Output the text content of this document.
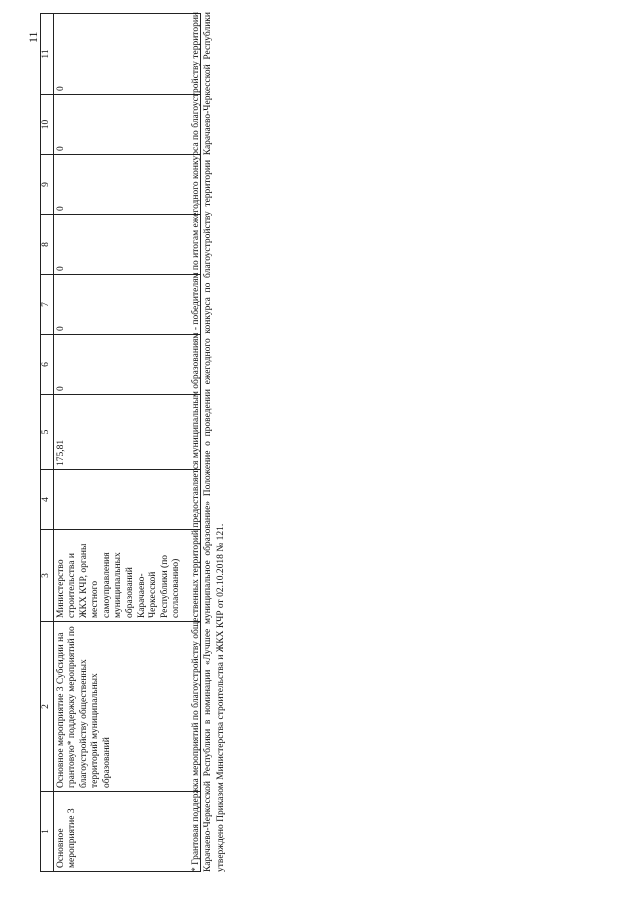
11
1	2	3	4	5	6	7	8	9	10	11
Основное мероприятие 3	Основное мероприятие 3 Субсидии на грантовую* поддержку мероприятий по благоустройству общественных территорий муниципальных образований	Министерство строительства и ЖКХ КЧР, органы местного самоуправления муниципальных образований Карачаево-Черкесской Республики (по согласованию)		175,81	0	0	0	0	0	0	* Грантовая поддержка мероприятий по благоустройству общественных территорий предоставляется муниципальным образованиям - победителям по итогам ежегодного конкурса по благоустройству территории Карачаево-Черкесской Республики в номинации «Лучшее муниципальное образование» Положение о проведении ежегодного конкурса по благоустройству территории Карачаево-Черкесской Республики утверждено Приказом Министерства строительства и ЖКХ КЧР от 02.10.2018 № 121.
